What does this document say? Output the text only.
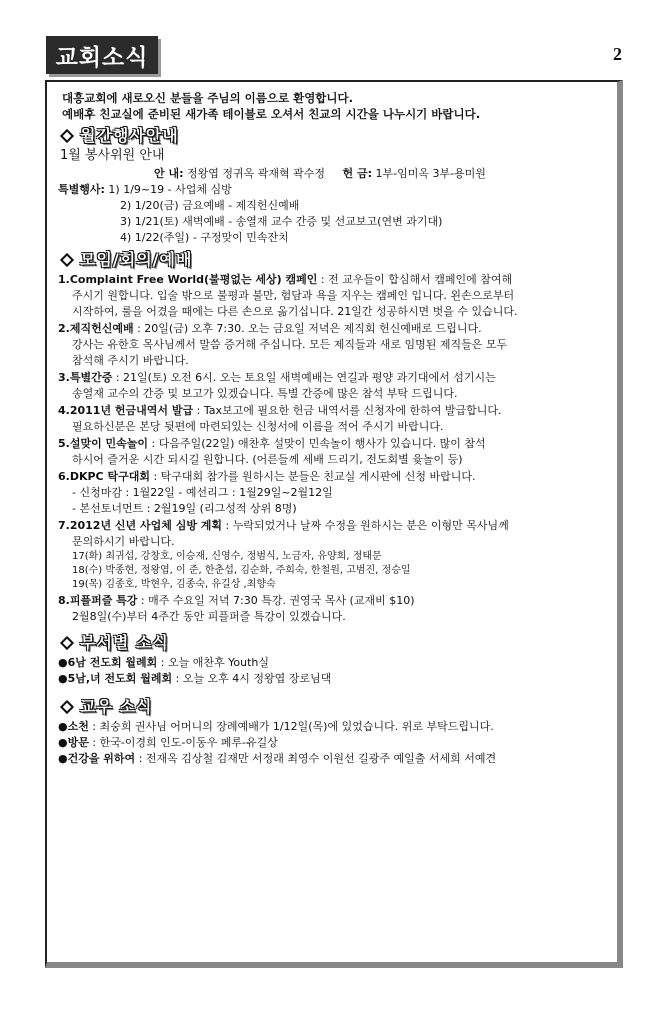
교회소식	2
대흥교회에 새로오신 분들을 주님의 이름으로 환영합니다.
예배후 친교실에 준비된 새가족 테이블로 오셔서 친교의 시간을 나누시기 바랍니다.
월간행사안내
1월 봉사위원 안내
안 내: 정왕엽 정귀옥 곽재혁 곽수정 헌 금: 1부-임미옥 3부-용미원
특별행사: 1) 1/9~19 - 사업체 심방
2) 1/20(금) 금요예배 - 제직헌신예배
3) 1/21(토) 새벽예배 - 송열재 교수 간증 및 선교보고(연변 과기대)
4) 1/22(주일) - 구정맞이 민속잔치
모임/회의/예배
1.Complaint Free World(불평없는 세상) 캠페인 : 전 교우들이 합심해서 캠페인에 참여해
주시기 원합니다. 입술 밖으로 불평과 불만, 험담과 욕을 지우는 캠페인 입니다. 왼손으로부터
시작하여, 룰을 어겼을 때에는 다른 손으로 옮기십니다. 21일간 성공하시면 벗을 수 있습니다.
2.제직헌신예배 : 20일(금) 오후 7:30. 오는 금요일 저녁은 제직회 헌신예배로 드립니다.
강사는 유한호 목사님께서 말씀 증거해 주십니다. 모든 제직들과 새로 임명된 제직들은 모두
참석해 주시기 바랍니다.
3.특별간증 : 21일(토) 오전 6시. 오는 토요일 새벽예배는 연길과 평양 과기대에서 섬기시는
송열재 교수의 간증 및 보고가 있겠습니다. 특별 간증에 많은 참석 부탁 드립니다.
4.2011년 헌금내역서 발급 : Tax보고에 필요한 헌금 내역서를 신청자에 한하여 발급합니다.
필요하신분은 본당 뒷편에 마련되있는 신청서에 이름을 적어 주시기 바랍니다.
5.설맞이 민속놀이 : 다음주일(22일) 애찬후 설맞이 민속놀이 행사가 있습니다. 많이 참석
하시어 즐거운 시간 되시길 원합니다. (어른들께 세배 드리기, 전도회별 윷놀이 등)
6.DKPC 탁구대회 : 탁구대회 참가를 원하시는 분들은 친교실 게시판에 신청 바랍니다.
- 신청마감 : 1월22일 - 예선리그 : 1월29일~2월12일
- 본선토너먼트 : 2월19일 (리그성적 상위 8명)
7.2012년 신년 사업체 심방 계획 : 누락되었거나 날짜 수정을 원하시는 분은 이형만 목사님께
문의하시기 바랍니다.
17(화) 최귀섭, 강창호, 이승재, 신영수, 정범식, 노금자, 유양희, 정태문
18(수) 박종현, 정왕엽, 이 준, 한춘섭, 김순화, 주희숙, 한철원, 고범진, 정승일
19(목) 김종호, 박현우, 김종숙, 유길상 ,최향숙
8.피플퍼즐 특강 : 매주 수요일 저녁 7:30 특강. 권영국 목사 (교재비 $10)
2월8일(수)부터 4주간 동안 피플퍼즐 특강이 있겠습니다.
부서별 소식
●6남 전도회 월례회 : 오늘 애찬후 Youth실
●5남,녀 전도회 월례회 : 오늘 오후 4시 정왕엽 장로님댁
교우 소식
●소천 : 최숭희 권사님 어머니의 장례예배가 1/12일(목)에 있었습니다. 위로 부탁드립니다.
●방문 : 한국-이경희 인도-이동우 페루-유길상
●건강을 위하여 : 전재옥 김상철 김재만 서정래 최영수 이원선 길광주 예일출 서세희 서예견
